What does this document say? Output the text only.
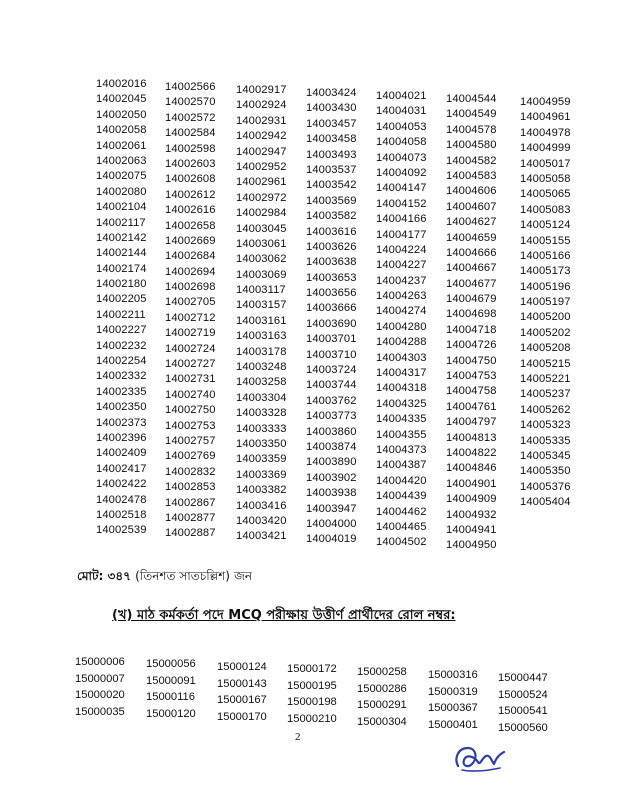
14002016
14002045
14002050
14002058
14002061
14002063
14002075
14002080
14002104
14002117
14002142
14002144
14002174
14002180
14002205
14002211
14002227
14002232
14002254
14002332
14002335
14002350
14002373
14002396
14002409
14002417
14002422
14002478
14002518
14002539
14002566
14002570
14002572
14002584
14002598
14002603
14002608
14002612
14002616
14002658
14002669
14002684
14002694
14002698
14002705
14002712
14002719
14002724
14002727
14002731
14002740
14002750
14002753
14002757
14002769
14002832
14002853
14002867
14002877
14002887
14002917
14002924
14002931
14002942
14002947
14002952
14002961
14002972
14002984
14003045
14003061
14003062
14003069
14003117
14003157
14003161
14003163
14003178
14003248
14003258
14003304
14003328
14003333
14003350
14003359
14003369
14003382
14003416
14003420
14003421
14003424
14003430
14003457
14003458
14003493
14003537
14003542
14003569
14003582
14003616
14003626
14003638
14003653
14003656
14003666
14003690
14003701
14003710
14003724
14003744
14003762
14003773
14003860
14003874
14003890
14003902
14003938
14003947
14004000
14004019
14004021
14004031
14004053
14004058
14004073
14004092
14004147
14004152
14004166
14004177
14004224
14004227
14004237
14004263
14004274
14004280
14004288
14004303
14004317
14004318
14004325
14004335
14004355
14004373
14004387
14004420
14004439
14004462
14004465
14004502
14004544
14004549
14004578
14004580
14004582
14004583
14004606
14004607
14004627
14004659
14004666
14004667
14004677
14004679
14004698
14004718
14004726
14004750
14004753
14004758
14004761
14004797
14004813
14004822
14004846
14004901
14004909
14004932
14004941
14004950
14004959
14004961
14004978
14004999
14005017
14005058
14005065
14005083
14005124
14005155
14005166
14005173
14005196
14005197
14005200
14005202
14005208
14005215
14005221
14005237
14005262
14005323
14005335
14005345
14005350
14005376
14005404
মোট: ৩৪৭ (তিনশত সাতচল্লিশ) জন
(খ) মাঠ কর্মকর্তা পদে MCQ পরীক্ষায় উত্তীর্ণ প্রার্থীদের রোল নম্বর:
15000006
15000007
15000020
15000035
15000056
15000091
15000116
15000120
15000124
15000143
15000167
15000170
15000172
15000195
15000198
15000210
15000258
15000286
15000291
15000304
15000316
15000319
15000367
15000401
15000447
15000524
15000541
15000560
2
